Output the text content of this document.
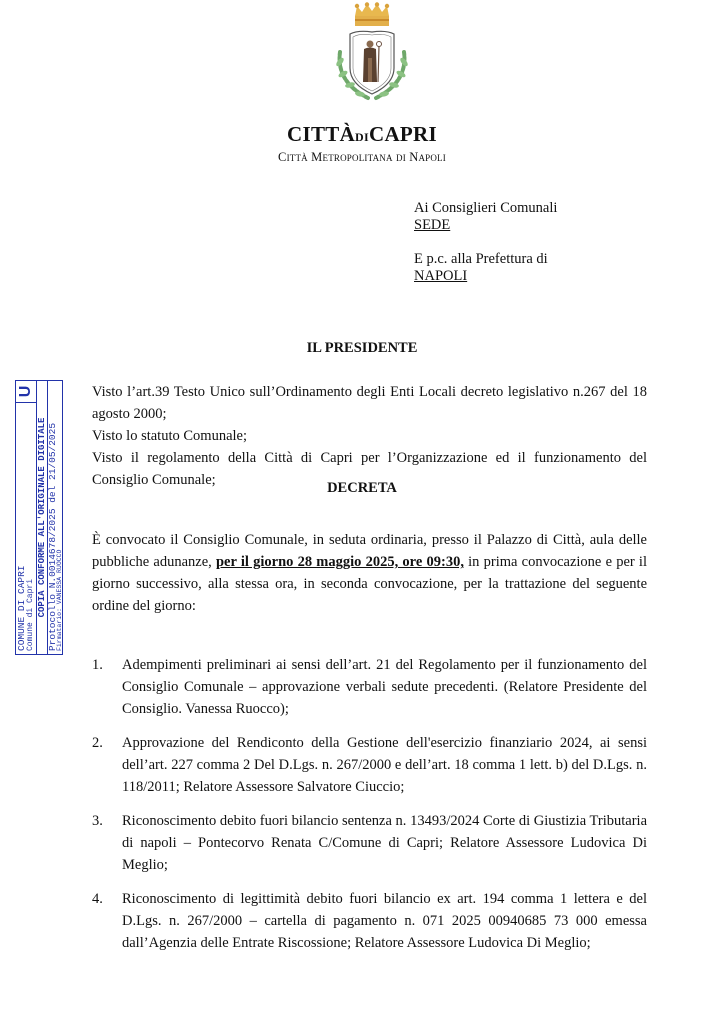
CITTÀDICAPRI
Città Metropolitana di Napoli
Ai Consiglieri Comunali
SEDE
E p.c. alla Prefettura di
NAPOLI
IL PRESIDENTE

Visto l’art.39 Testo Unico sull’Ordinamento degli Enti Locali decreto legislativo n.267 del 18 agosto 2000;

Visto lo statuto Comunale;

Visto il regolamento della Città di Capri per l’Organizzazione ed il funzionamento del Consiglio Comunale;	DECRETA

È convocato il Consiglio Comunale, in seduta ordinaria, presso il Palazzo di Città, aula delle pubbliche adunanze, per il giorno 28 maggio 2025, ore 09:30, in prima convocazione e per il giorno successivo, alla stessa ora, in seconda convocazione, per la trattazione del seguente ordine del giorno:

1. Adempimenti preliminari ai sensi dell’art. 21 del Regolamento per il funzionamento del Consiglio Comunale – approvazione verbali sedute precedenti. (Relatore Presidente del Consiglio. Vanessa Ruocco);
2. Approvazione del Rendiconto della Gestione dell'esercizio finanziario 2024, ai sensi dell’art. 227 comma 2 Del D.Lgs. n. 267/2000 e dell’art. 18 comma 1 lett. b) del D.Lgs. n. 118/2011; Relatore Assessore Salvatore Ciuccio;
3. Riconoscimento debito fuori bilancio sentenza n. 13493/2024 Corte di Giustizia Tributaria di napoli – Pontecorvo Renata C/Comune di Capri; Relatore Assessore Ludovica Di Meglio;
4. Riconoscimento di legittimità debito fuori bilancio ex art. 194 comma 1 lettera e del D.Lgs. n. 267/2000 – cartella di pagamento n. 071 2025 00940685 73 000 emessa dall’Agenzia delle Entrate Riscossione; Relatore Assessore Ludovica Di Meglio;
COMUNE DI CAPRI Comune di Capri
U
COPIA CONFORME ALL'ORIGINALE DIGITALE Protocollo N.0014678/2025 del 21/05/2025
Firmatario: VANESSA RUOCCO
